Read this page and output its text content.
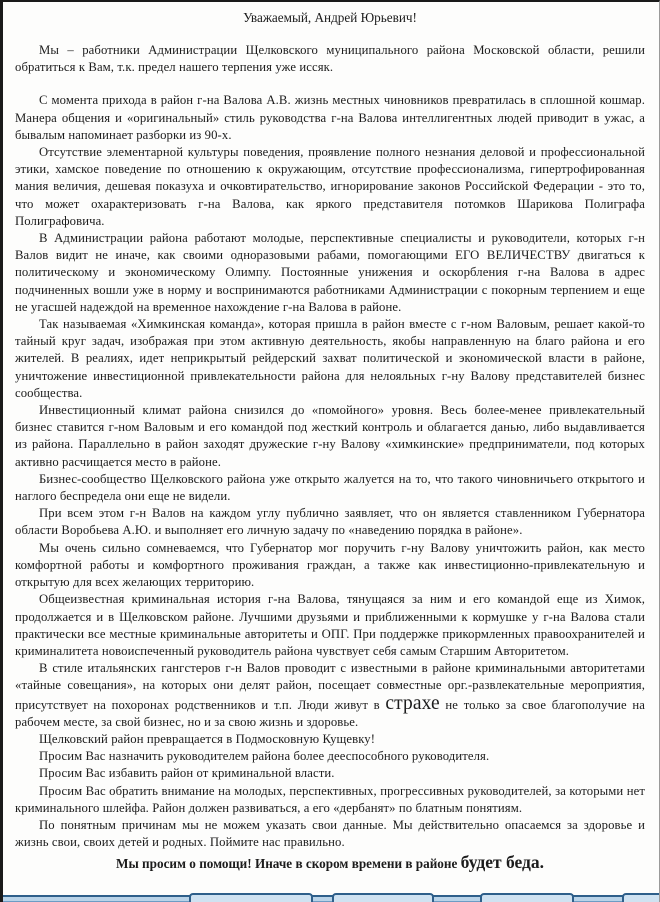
Уважаемый, Андрей Юрьевич!

Мы – работники Администрации Щелковского муниципального района Московской области, решили обратиться к Вам, т.к. предел нашего терпения уже иссяк.

С момента прихода в район г-на Валова А.В. жизнь местных чиновников превратилась в сплошной кошмар. Манера общения и «оригинальный» стиль руководства г-на Валова интеллигентных людей приводит в ужас, а бывалым напоминает разборки из 90-х.

Отсутствие элементарной культуры поведения, проявление полного незнания деловой и профессиональной этики, хамское поведение по отношению к окружающим, отсутствие профессионализма, гипертрофированная мания величия, дешевая показуха и очковтирательство, игнорирование законов Российской Федерации - это то, что может охарактеризовать г-на Валова, как яркого представителя потомков Шарикова Полиграфа Полиграфовича.

В Администрации района работают молодые, перспективные специалисты и руководители, которых г-н Валов видит не иначе, как своими одноразовыми рабами, помогающими ЕГО ВЕЛИЧЕСТВУ двигаться к политическому и экономическому Олимпу. Постоянные унижения и оскорбления г-на Валова в адрес подчиненных вошли уже в норму и воспринимаются работниками Администрации с покорным терпением и еще не угасшей надеждой на временное нахождение г-на Валова в районе.

Так называемая «Химкинская команда», которая пришла в район вместе с г-ном Валовым, решает какой-то тайный круг задач, изображая при этом активную деятельность, якобы направленную на благо района и его жителей. В реалиях, идет неприкрытый рейдерский захват политической и экономической власти в районе, уничтожение инвестиционной привлекательности района для нелояльных г-ну Валову представителей бизнес сообщества.

Инвестиционный климат района снизился до «помойного» уровня. Весь более-менее привлекательный бизнес ставится г-ном Валовым и его командой под жесткий контроль и облагается данью, либо выдавливается из района. Параллельно в район заходят дружеские г-ну Валову «химкинские» предприниматели, под которых активно расчищается место в районе.

Бизнес-сообщество Щелковского района уже открыто жалуется на то, что такого чиновничьего открытого и наглого беспредела они еще не видели.

При всем этом г-н Валов на каждом углу публично заявляет, что он является ставленником Губернатора области Воробьева А.Ю. и выполняет его личную задачу по «наведению порядка в районе».

Мы очень сильно сомневаемся, что Губернатор мог поручить г-ну Валову уничтожить район, как место комфортной работы и комфортного проживания граждан, а также как инвестиционно-привлекательную и открытую для всех желающих территорию.

Общеизвестная криминальная история г-на Валова, тянущаяся за ним и его командой еще из Химок, продолжается и в Щелковском районе. Лучшими друзьями и приближенными к кормушке у г-на Валова стали практически все местные криминальные авторитеты и ОПГ. При поддержке прикормленных правоохранителей и криминалитета новоиспеченный руководитель района чувствует себя самым Старшим Авторитетом.

В стиле итальянских гангстеров г-н Валов проводит с известными в районе криминальными авторитетами «тайные совещания», на которых они делят район, посещает совместные орг.-развлекательные мероприятия, присутствует на похоронах родственников и т.п. Люди живут в страхе не только за свое благополучие на рабочем месте, за свой бизнес, но и за свою жизнь и здоровье.

Щелковский район превращается в Подмосковную Кущевку!

Просим Вас назначить руководителем района более дееспособного руководителя.

Просим Вас избавить район от криминальной власти.

Просим Вас обратить внимание на молодых, перспективных, прогрессивных руководителей, за которыми нет криминального шлейфа. Район должен развиваться, а его «дербанят» по блатным понятиям.

По понятным причинам мы не можем указать свои данные. Мы действительно опасаемся за здоровье и жизнь свои, своих детей и родных. Поймите нас правильно.

Мы просим о помощи! Иначе в скором времени в районе будет беда.
